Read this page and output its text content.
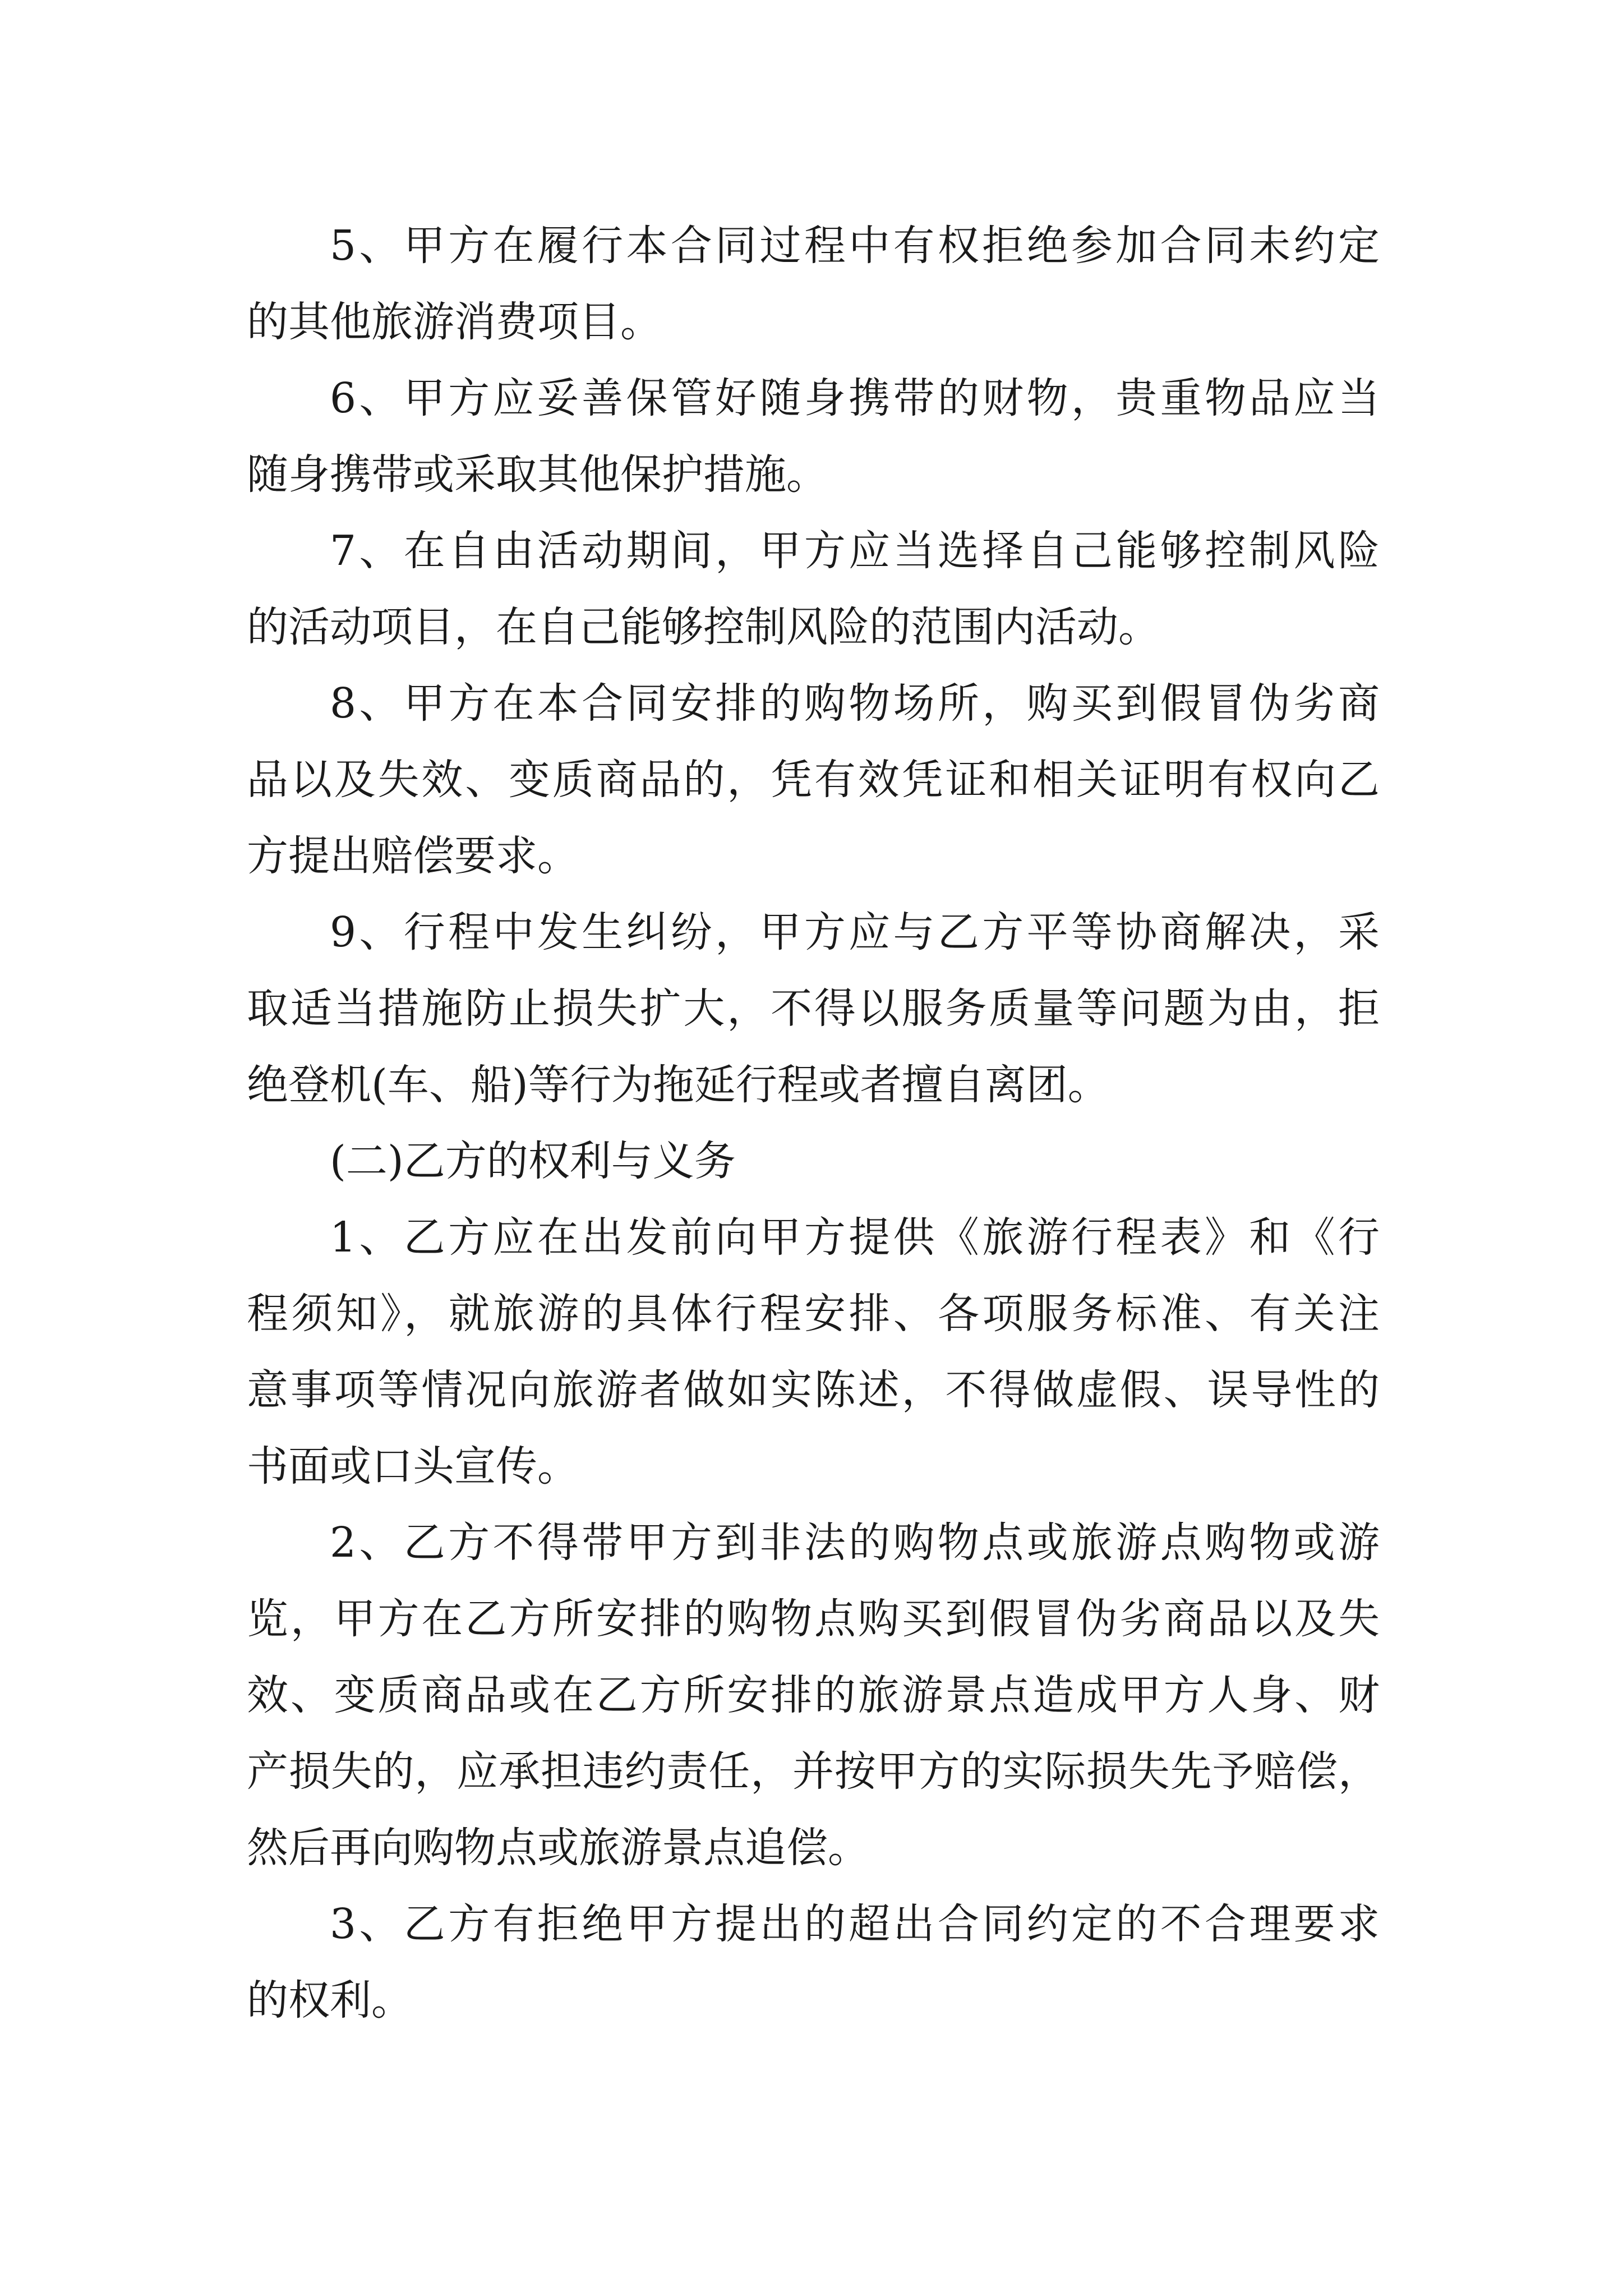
5、甲方在履行本合同过程中有权拒绝参加合同未约定
的其他旅游消费项目。
6、甲方应妥善保管好随身携带的财物，贵重物品应当
随身携带或采取其他保护措施。
7、在自由活动期间，甲方应当选择自己能够控制风险
的活动项目，在自己能够控制风险的范围内活动。
8、甲方在本合同安排的购物场所，购买到假冒伪劣商
品以及失效、变质商品的，凭有效凭证和相关证明有权向乙
方提出赔偿要求。
9、行程中发生纠纷，甲方应与乙方平等协商解决，采
取适当措施防止损失扩大，不得以服务质量等问题为由，拒
绝登机(车、船)等行为拖延行程或者擅自离团。
(二)乙方的权利与义务
1、乙方应在出发前向甲方提供《旅游行程表》和《行
程须知》，就旅游的具体行程安排、各项服务标准、有关注
意事项等情况向旅游者做如实陈述，不得做虚假、误导性的
书面或口头宣传。
2、乙方不得带甲方到非法的购物点或旅游点购物或游
览，甲方在乙方所安排的购物点购买到假冒伪劣商品以及失
效、变质商品或在乙方所安排的旅游景点造成甲方人身、财
产损失的，应承担违约责任，并按甲方的实际损失先予赔偿，
然后再向购物点或旅游景点追偿。
3、乙方有拒绝甲方提出的超出合同约定的不合理要求
的权利。
